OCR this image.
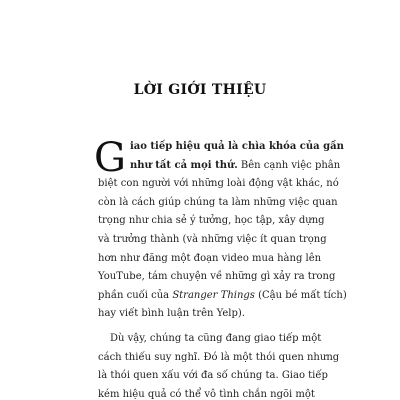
LỜI GIỚI THIỆU
G iao tiếp hiệu quả là chìa khóa của gần
như tất cả mọi thứ. Bên cạnh việc phân
biệt con người với những loài động vật khác, nó
còn là cách giúp chúng ta làm những việc quan
trọng như chia sẻ ý tưởng, học tập, xây dựng
và trưởng thành (và những việc ít quan trọng
hơn như đăng một đoạn video mua hàng lên
YouTube, tám chuyện về những gì xảy ra trong
phần cuối của Stranger Things (Cậu bé mất tích)
hay viết bình luận trên Yelp).
Dù vậy, chúng ta cũng đang giao tiếp một
cách thiếu suy nghĩ. Đó là một thói quen nhưng
là thói quen xấu với đa số chúng ta. Giao tiếp
kém hiệu quả có thể vô tình chắn ngõi một
